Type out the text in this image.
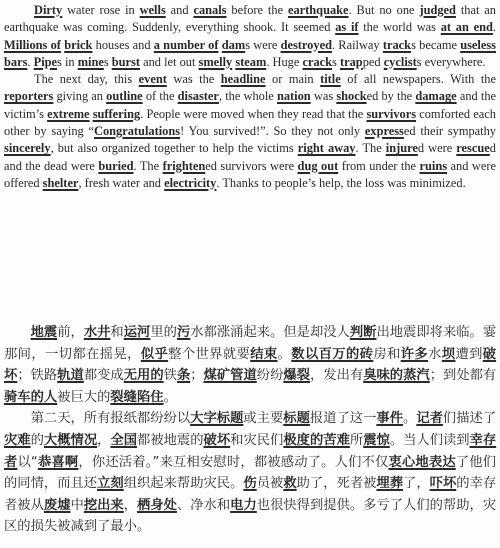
Dirty water rose in wells and canals before the earthquake. But no one judged that an earthquake was coming. Suddenly, everything shook. It seemed as if the world was at an end. Millions of brick houses and a number of dams were destroyed. Railway tracks became useless bars. Pipes in mines burst and let out smelly steam. Huge cracks trapped cyclists everywhere.

The next day, this event was the headline or main title of all newspapers. With the reporters giving an outline of the disaster, the whole nation was shocked by the damage and the victim’s extreme suffering. People were moved when they read that the survivors comforted each other by saying “Congratulations! You survived!”. So they not only expressed their sympathy sincerely, but also organized together to help the victims right away. The injured were rescued and the dead were buried. The frightened survivors were dug out from under the ruins and were offered shelter, fresh water and electricity. Thanks to people’s help, the loss was minimized.

地震前，水井和运河里的污水都涨涌起来。但是却没人判断出地震即将来临。霎那间，一切都在摇晃，似乎整个世界就要结束。数以百万的砖房和许多水坝遭到破坏；铁路轨道都变成无用的铁条；煤矿管道纷纷爆裂，发出有臭味的蒸汽；到处都有骑车的人被巨大的裂缝陷住。

第二天，所有报纸都纷纷以大字标题或主要标题报道了这一事件。记者们描述了灾难的大概情况，全国都被地震的破坏和灾民们极度的苦难所震惊。当人们读到幸存者以“恭喜啊，你还活着。”来互相安慰时，都被感动了。人们不仅衷心地表达了他们的同情，而且还立刻组织起来帮助灾民。伤员被救助了，死者被埋葬了，吓坏的幸存者被从废墟中挖出来，栖身处、净水和电力也很快得到提供。多亏了人们的帮助，灾区的损失被减到了最小。
